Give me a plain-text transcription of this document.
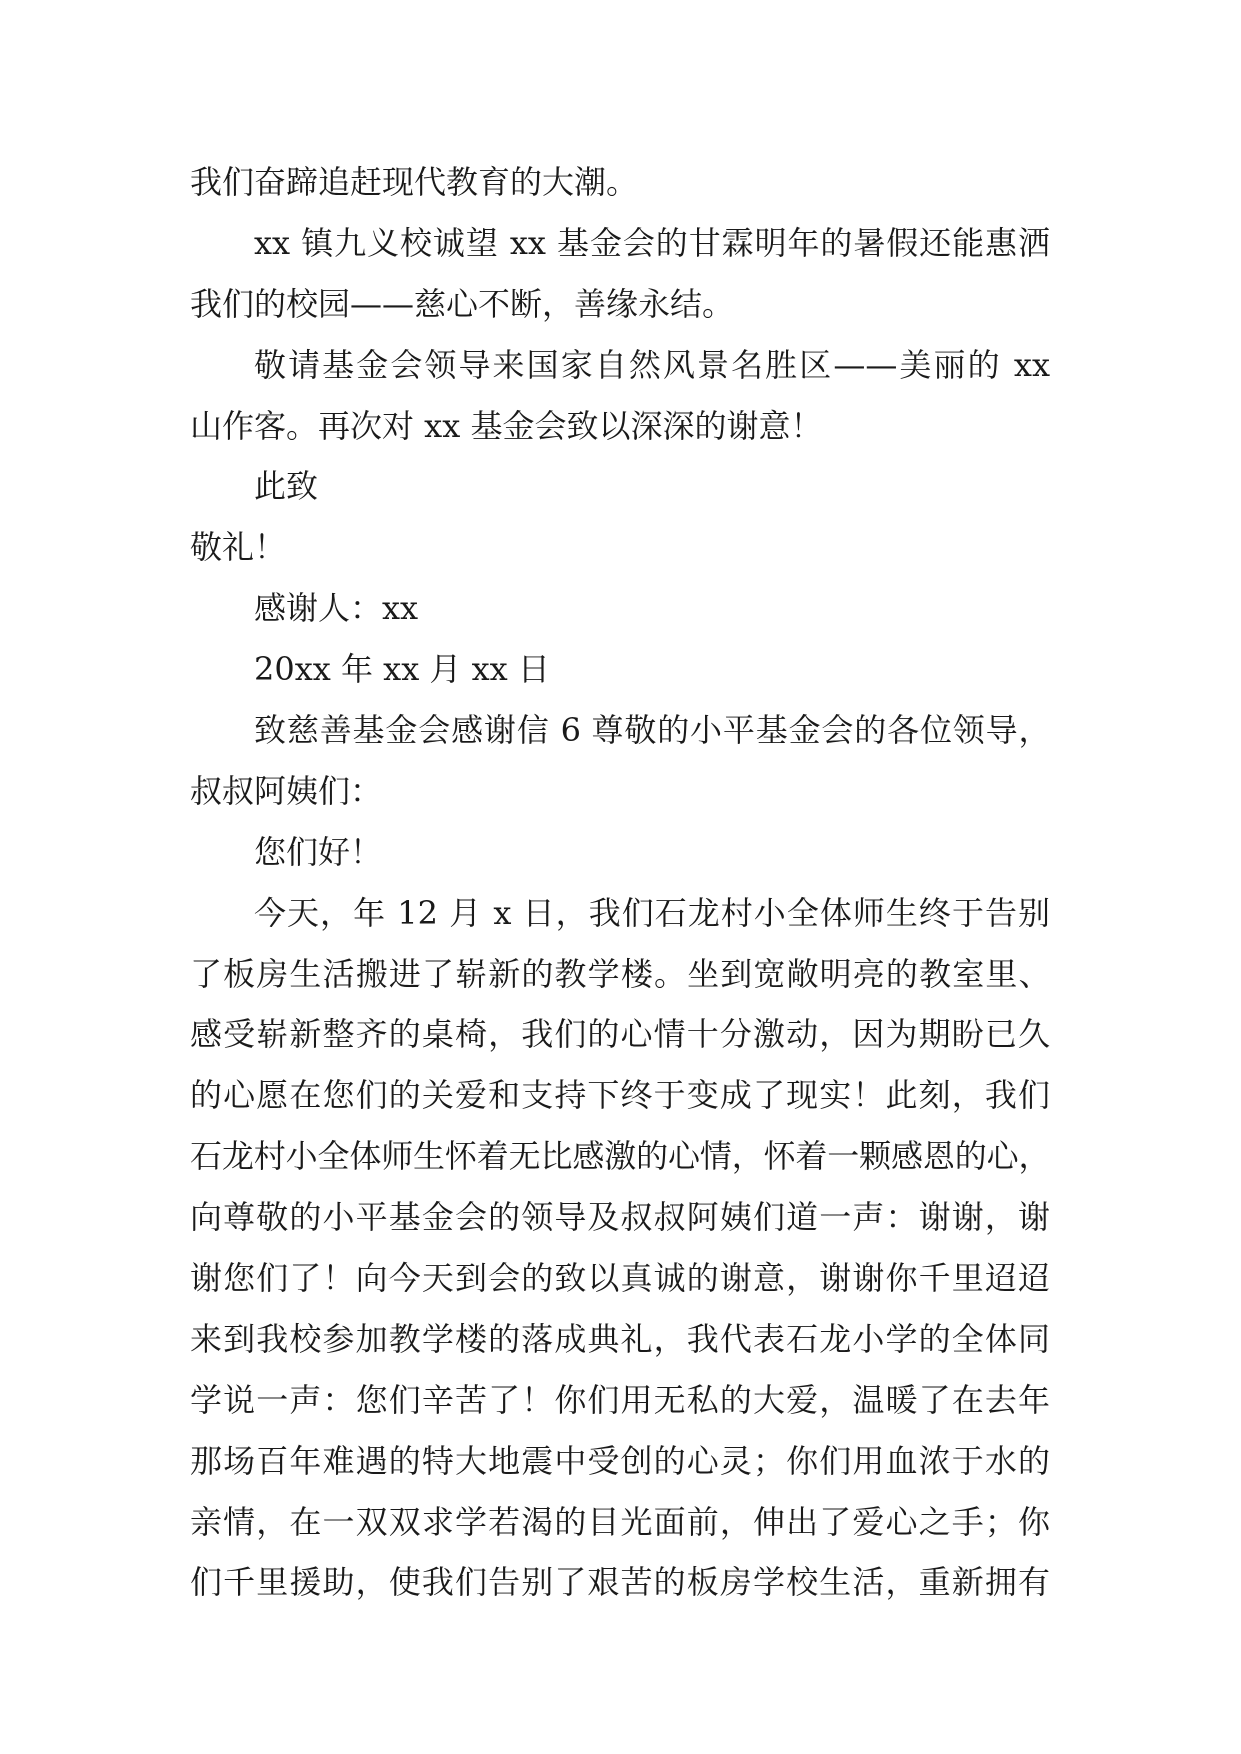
我们奋蹄追赶现代教育的大潮。
xx 镇九义校诚望 xx 基金会的甘霖明年的暑假还能惠洒
我们的校园——慈心不断，善缘永结。
敬请基金会领导来国家自然风景名胜区——美丽的 xx
山作客。再次对 xx 基金会致以深深的谢意！
此致
敬礼！
感谢人：xx
20xx 年 xx 月 xx 日
致慈善基金会感谢信 6 尊敬的小平基金会的各位领导，
叔叔阿姨们：
您们好！
今天，年 12 月 x 日，我们石龙村小全体师生终于告别
了板房生活搬进了崭新的教学楼。坐到宽敞明亮的教室里、
感受崭新整齐的桌椅，我们的心情十分激动，因为期盼已久
的心愿在您们的关爱和支持下终于变成了现实！此刻，我们
石龙村小全体师生怀着无比感激的心情，怀着一颗感恩的心，
向尊敬的小平基金会的领导及叔叔阿姨们道一声：谢谢，谢
谢您们了！向今天到会的致以真诚的谢意，谢谢你千里迢迢
来到我校参加教学楼的落成典礼，我代表石龙小学的全体同
学说一声：您们辛苦了！你们用无私的大爱，温暖了在去年
那场百年难遇的特大地震中受创的心灵；你们用血浓于水的
亲情，在一双双求学若渴的目光面前，伸出了爱心之手；你
们千里援助，使我们告别了艰苦的板房学校生活，重新拥有
